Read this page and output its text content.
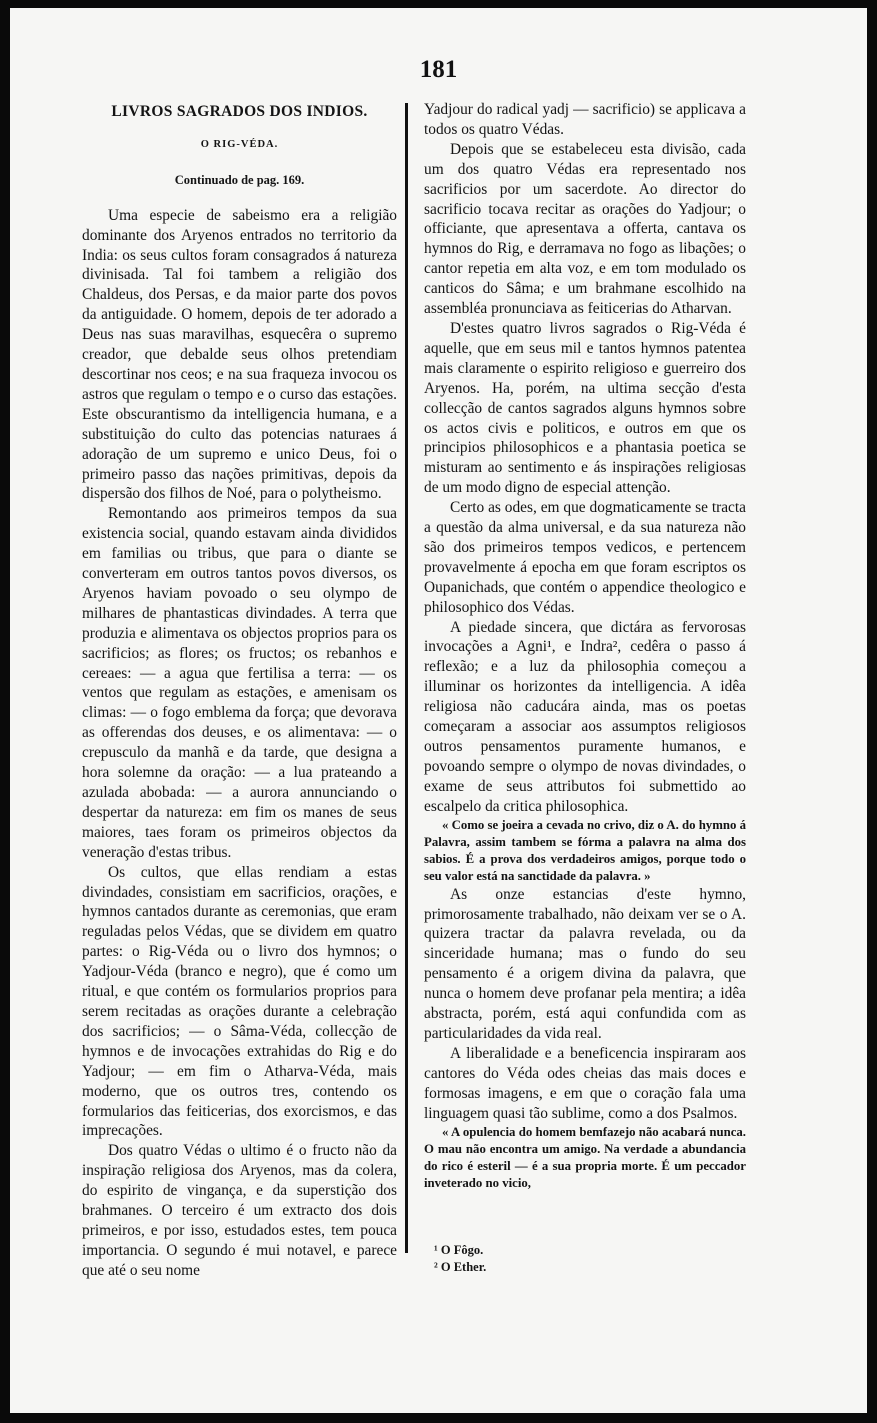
181
LIVROS SAGRADOS DOS INDIOS.
O RIG-VÉDA.
Continuado de pag. 169.

Uma especie de sabeismo era a religião dominante dos Aryenos entrados no territorio da India: os seus cultos foram consagrados á natureza divinisada. Tal foi tambem a religião dos Chaldeus, dos Persas, e da maior parte dos povos da antiguidade. O homem, depois de ter adorado a Deus nas suas maravilhas, esquecêra o supremo creador, que debalde seus olhos pretendiam descortinar nos ceos; e na sua fraqueza invocou os astros que regulam o tempo e o curso das estações. Este obscurantismo da intelligencia humana, e a substituição do culto das potencias naturaes á adoração de um supremo e unico Deus, foi o primeiro passo das nações primitivas, depois da dispersão dos filhos de Noé, para o polytheismo.

Remontando aos primeiros tempos da sua existencia social, quando estavam ainda divididos em familias ou tribus, que para o diante se converteram em outros tantos povos diversos, os Aryenos haviam povoado o seu olympo de milhares de phantasticas divindades. A terra que produzia e alimentava os objectos proprios para os sacrificios; as flores; os fructos; os rebanhos e cereaes: — a agua que fertilisa a terra: — os ventos que regulam as estações, e amenisam os climas: — o fogo emblema da força; que devorava as offerendas dos deuses, e os alimentava: — o crepusculo da manhã e da tarde, que designa a hora solemne da oração: — a lua prateando a azulada abobada: — a aurora annunciando o despertar da natureza: em fim os manes de seus maiores, taes foram os primeiros objectos da veneração d'estas tribus.

Os cultos, que ellas rendiam a estas divindades, consistiam em sacrificios, orações, e hymnos cantados durante as ceremonias, que eram reguladas pelos Védas, que se dividem em quatro partes: o Rig-Véda ou o livro dos hymnos; o Yadjour-Véda (branco e negro), que é como um ritual, e que contém os formularios proprios para serem recitadas as orações durante a celebração dos sacrificios; — o Sâma-Véda, collecção de hymnos e de invocações extrahidas do Rig e do Yadjour; — em fim o Atharva-Véda, mais moderno, que os outros tres, contendo os formularios das feiticerias, dos exorcismos, e das imprecações.

Dos quatro Védas o ultimo é o fructo não da inspiração religiosa dos Aryenos, mas da colera, do espirito de vingança, e da superstição dos brahmanes. O terceiro é um extracto dos dois primeiros, e por isso, estudados estes, tem pouca importancia. O segundo é mui notavel, e parece que até o seu nome

Yadjour do radical yadj — sacrificio) se applicava a todos os quatro Védas.

Depois que se estabeleceu esta divisão, cada um dos quatro Védas era representado nos sacrificios por um sacerdote. Ao director do sacrificio tocava recitar as orações do Yadjour; o officiante, que apresentava a offerta, cantava os hymnos do Rig, e derramava no fogo as libações; o cantor repetia em alta voz, e em tom modulado os canticos do Sâma; e um brahmane escolhido na assembléa pronunciava as feiticerias do Atharvan.

D'estes quatro livros sagrados o Rig-Véda é aquelle, que em seus mil e tantos hymnos patentea mais claramente o espirito religioso e guerreiro dos Aryenos. Ha, porém, na ultima secção d'esta collecção de cantos sagrados alguns hymnos sobre os actos civis e politicos, e outros em que os principios philosophicos e a phantasia poetica se misturam ao sentimento e ás inspirações religiosas de um modo digno de especial attenção.

Certo as odes, em que dogmaticamente se tracta a questão da alma universal, e da sua natureza não são dos primeiros tempos vedicos, e pertencem provavelmente á epocha em que foram escriptos os Oupanichads, que contém o appendice theologico e philosophico dos Védas.

A piedade sincera, que dictára as fervorosas invocações a Agni¹, e Indra², cedêra o passo á reflexão; e a luz da philosophia começou a illuminar os horizontes da intelligencia. A idêa religiosa não caducára ainda, mas os poetas começaram a associar aos assumptos religiosos outros pensamentos puramente humanos, e povoando sempre o olympo de novas divindades, o exame de seus attributos foi submettido ao escalpelo da critica philosophica.

« Como se joeira a cevada no crivo, diz o A. do hymno á Palavra, assim tambem se fórma a palavra na alma dos sabios. É a prova dos verdadeiros amigos, porque todo o seu valor está na sanctidade da palavra. »

As onze estancias d'este hymno, primorosamente trabalhado, não deixam ver se o A. quizera tractar da palavra revelada, ou da sinceridade humana; mas o fundo do seu pensamento é a origem divina da palavra, que nunca o homem deve profanar pela mentira; a idêa abstracta, porém, está aqui confundida com as particularidades da vida real.

A liberalidade e a beneficencia inspiraram aos cantores do Véda odes cheias das mais doces e formosas imagens, e em que o coração fala uma linguagem quasi tão sublime, como a dos Psalmos.

« A opulencia do homem bemfazejo não acabará nunca. O mau não encontra um amigo. Na verdade a abundancia do rico é esteril — é a sua propria morte. É um peccador inveterado no vicio,

¹ O Fôgo.
² O Ether.
